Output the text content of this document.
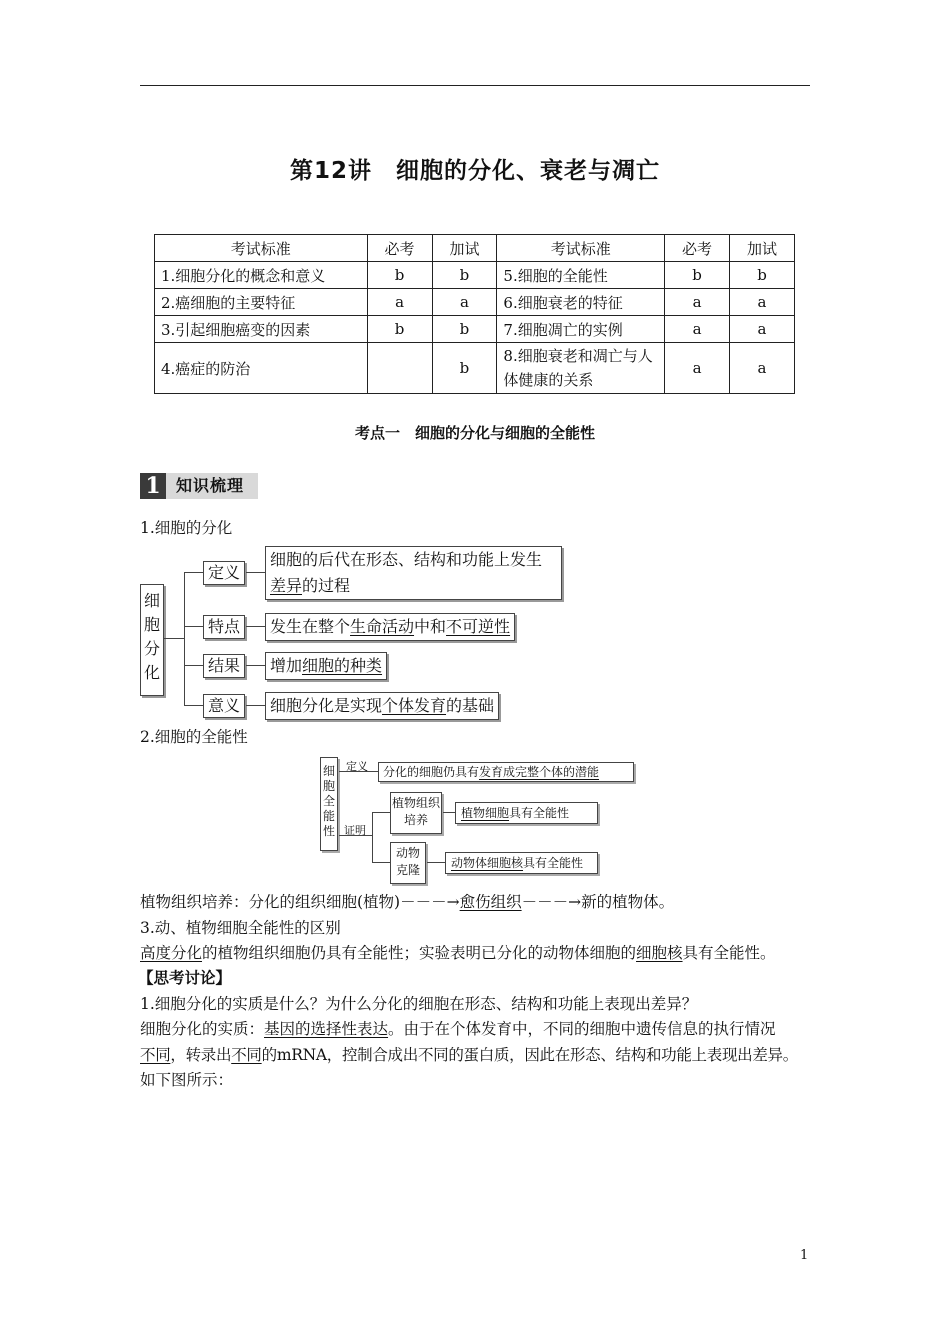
第12讲　细胞的分化、衰老与凋亡
考试标准	必考	加试	考试标准	必考	加试
1.细胞分化的概念和意义	b	b	5.细胞的全能性	b	b
2.癌细胞的主要特征	a	a	6.细胞衰老的特征	a	a
3.引起细胞癌变的因素	b	b	7.细胞凋亡的实例	a	a
4.癌症的防治		b	8.细胞衰老和凋亡与人体健康的关系	a	a
考点一　细胞的分化与细胞的全能性
1 知识梳理
1.细胞的分化
细
胞
分
化
定义
细胞的后代在形态、结构和功能上发生
差异的过程
特点	发生在整个生命活动中和不可逆性
结果	增加细胞的种类
意义	细胞分化是实现个体发育的基础
2.细胞的全能性
细
胞
全
能
性
定义	分化的细胞仍具有发育成完整个体的潜能
证明
植物组织培养	植物细胞具有全能性
动物克隆	动物体细胞核具有全能性
植物组织培养：分化的组织细胞(植物)－－－→愈伤组织－－－→新的植物体。
3.动、植物细胞全能性的区别
高度分化的植物组织细胞仍具有全能性；实验表明已分化的动物体细胞的细胞核具有全能性。
【思考讨论】
1.细胞分化的实质是什么？为什么分化的细胞在形态、结构和功能上表现出差异？
细胞分化的实质：基因的选择性表达。由于在个体发育中，不同的细胞中遗传信息的执行情况
不同，转录出不同的mRNA，控制合成出不同的蛋白质，因此在形态、结构和功能上表现出差异。
如下图所示：
1
